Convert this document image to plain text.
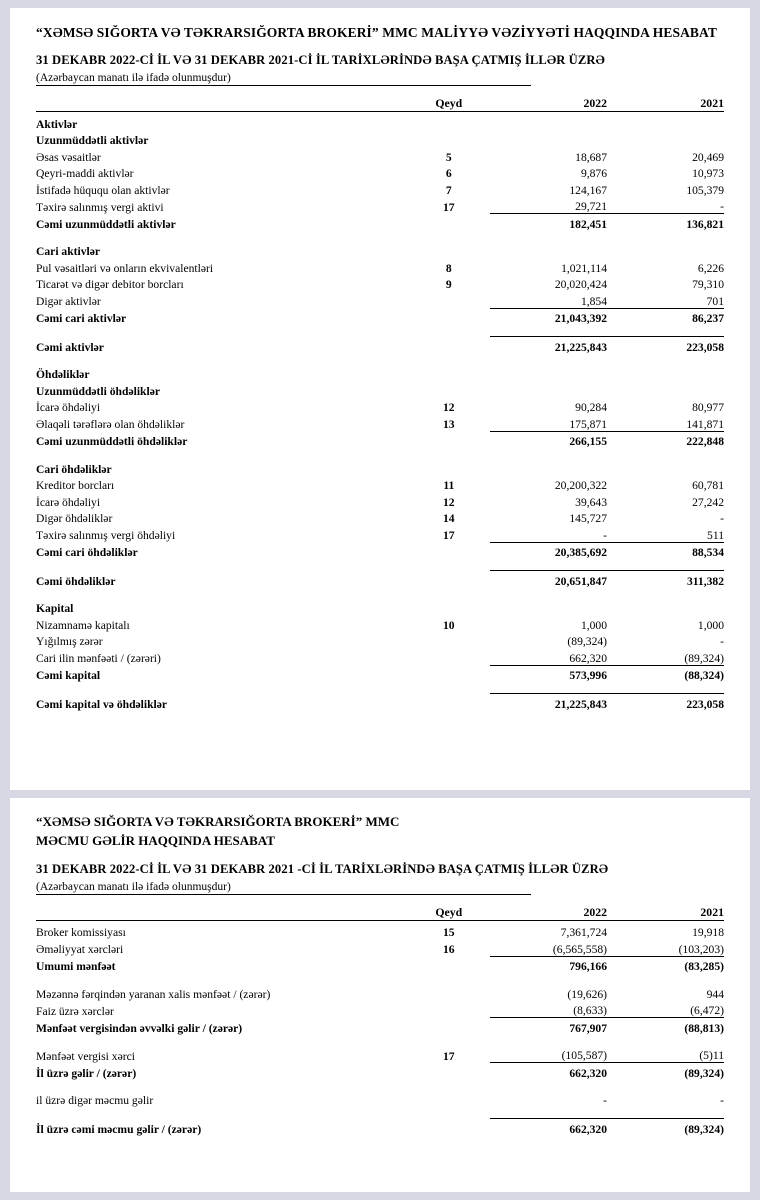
“XƏMSƏ SIĞORTA VƏ TƏKRARSIĞORTA BROKERİ” MMC MALİYYƏ VƏZİYYƏTİ HAQQINDA HESABAT
31 DEKABR 2022-Cİ İL VƏ 31 DEKABR 2021-Cİ İL TARİXLƏRİNDƏ BAŞA ÇATMIŞ İLLƏR ÜZRƏ
(Azərbaycan manatı ilə ifadə olunmuşdur)
	Qeyd	2022	2021

Aktivlər			
Uzunmüddətli aktivlər			
Əsas vəsaitlər	5	18,687	20,469
Qeyri-maddi aktivlər	6	9,876	10,973
İstifadə hüququ olan aktivlər	7	124,167	105,379
Təxirə salınmış vergi aktivi	17	29,721	-
Cəmi uzunmüddətli aktivlər		182,451	136,821

Cari aktivlər			
Pul vəsaitləri və onların ekvivalentləri	8	1,021,114	6,226
Ticarət və digər debitor borcları	9	20,020,424	79,310
Digər aktivlər		1,854	701
Cəmi cari aktivlər		21,043,392	86,237

Cəmi aktivlər		21,225,843	223,058

Öhdəliklər			
Uzunmüddətli öhdəliklər			
İcarə öhdəliyi	12	90,284	80,977
Əlaqəli tərəflərə olan öhdəliklər	13	175,871	141,871
Cəmi uzunmüddətli öhdəliklər		266,155	222,848

Cari öhdəliklər			
Kreditor borcları	11	20,200,322	60,781
İcarə öhdəliyi	12	39,643	27,242
Digər öhdəliklər	14	145,727	-
Təxirə salınmış vergi öhdəliyi	17	-	511
Cəmi cari öhdəliklər		20,385,692	88,534

Cəmi öhdəliklər		20,651,847	311,382

Kapital			
Nizamnamə kapitalı	10	1,000	1,000
Yığılmış zərər		(89,324)	-
Cari ilin mənfəəti / (zərəri)		662,320	(89,324)
Cəmi kapital		573,996	(88,324)

Cəmi kapital və öhdəliklər		21,225,843	223,058
“XƏMSƏ SIĞORTA VƏ TƏKRARSIĞORTA BROKERİ” MMC
MƏCMU GƏLİR HAQQINDA HESABAT
31 DEKABR 2022-Cİ İL VƏ 31 DEKABR 2021 -Cİ İL TARİXLƏRİNDƏ BAŞA ÇATMIŞ İLLƏR ÜZRƏ
(Azərbaycan manatı ilə ifadə olunmuşdur)
	Qeyd	2022	2021

Broker komissiyası	15	7,361,724	19,918
Əməliyyat xərcləri	16	(6,565,558)	(103,203)
Umumi mənfəət		796,166	(83,285)

Məzənnə fərqindən yaranan xalis mənfəət / (zərər)		(19,626)	944
Faiz üzrə xərclər		(8,633)	(6,472)
Mənfəət vergisindən əvvəlki gəlir / (zərər)		767,907	(88,813)

Mənfəət vergisi xərci	17	(105,587)	(5)11
İl üzrə gəlir / (zərər)		662,320	(89,324)

il üzrə digər məcmu gəlir		-	-

İl üzrə cəmi məcmu gəlir / (zərər)		662,320	(89,324)
